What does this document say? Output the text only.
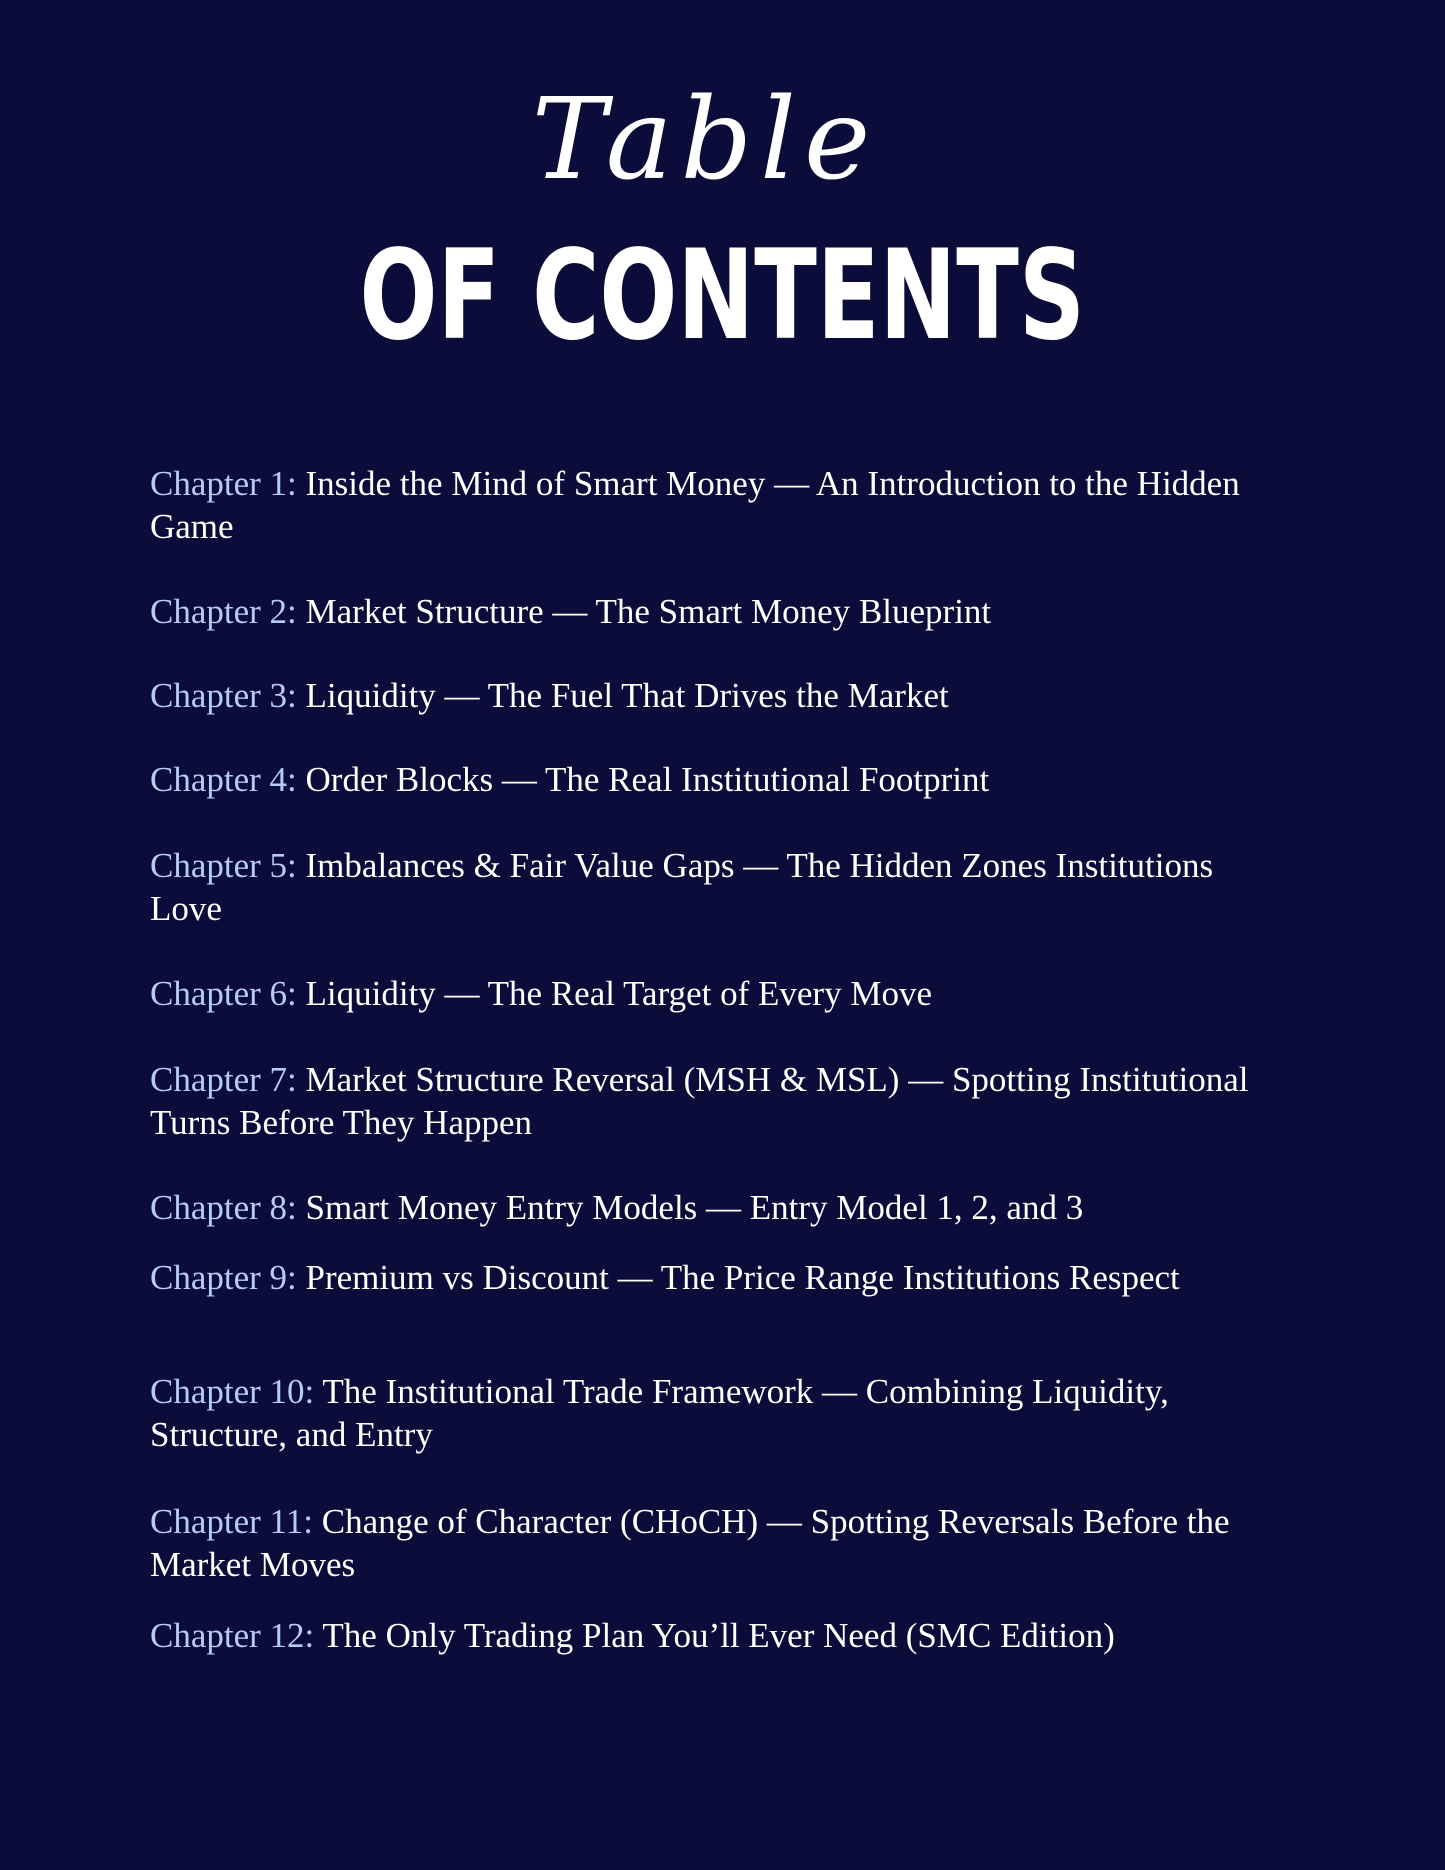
Table
OF CONTENTS
Chapter 1: Inside the Mind of Smart Money — An Introduction to the Hidden Game
Chapter 2: Market Structure — The Smart Money Blueprint
Chapter 3: Liquidity — The Fuel That Drives the Market
Chapter 4: Order Blocks — The Real Institutional Footprint
Chapter 5: Imbalances & Fair Value Gaps — The Hidden Zones Institutions Love
Chapter 6: Liquidity — The Real Target of Every Move
Chapter 7: Market Structure Reversal (MSH & MSL) — Spotting Institutional Turns Before They Happen
Chapter 8: Smart Money Entry Models — Entry Model 1, 2, and 3
Chapter 9: Premium vs Discount — The Price Range Institutions Respect
Chapter 10: The Institutional Trade Framework — Combining Liquidity, Structure, and Entry
Chapter 11: Change of Character (CHoCH) — Spotting Reversals Before the Market Moves
Chapter 12: The Only Trading Plan You’ll Ever Need (SMC Edition)
